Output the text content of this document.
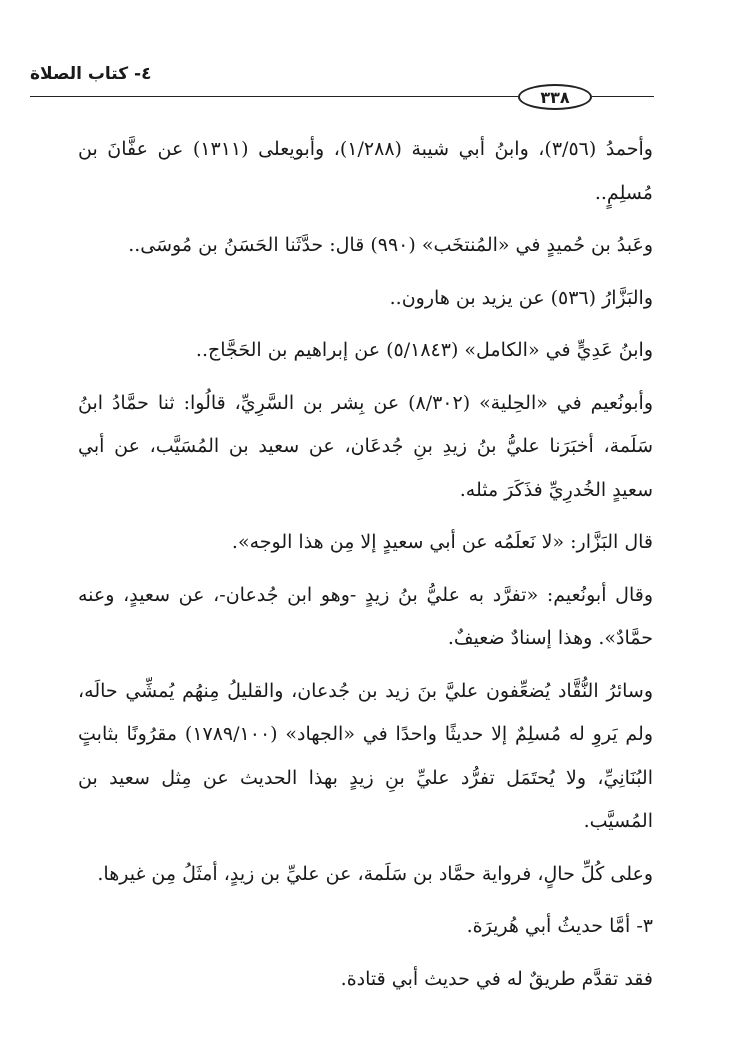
٤- كتاب الصلاة
٣٣٨

وأحمدُ (٣/٥٦)، وابنُ أبي شيبة (١/٢٨٨)، وأبويعلى (١٣١١) عن عفَّانَ بن مُسلِمٍ..

وعَبدُ بن حُميدٍ في «المُنتخَب» (٩٩٠) قال: حدَّثَنا الحَسَنُ بن مُوسَى..

والبَزَّارُ (٥٣٦) عن يزيد بن هارون..

وابنُ عَدِيٍّ في «الكامل» (٥/١٨٤٣) عن إبراهيم بن الحَجَّاج..

وأبونُعيم في «الحِلية» (٨/٣٠٢) عن بِشر بن السَّرِيِّ، قالُوا: ثنا حمَّادُ ابنُ سَلَمة، أخبَرَنا عليُّ بنُ زيدِ بنِ جُدعَان، عن سعيد بن المُسَيَّب، عن أبي سعيدٍ الخُدرِيِّ فذَكَرَ مثله.

قال البَزَّار: «لا نَعلَمُه عن أبي سعيدٍ إلا مِن هذا الوجه».

وقال أبونُعيم: «تفرَّد به عليُّ بنُ زيدٍ -وهو ابن جُدعان-، عن سعيدٍ، وعنه حمَّادٌ». وهذا إسنادٌ ضعيفٌ.

وسائرُ النُّقَّاد يُضعِّفون عليَّ بنَ زيد بن جُدعان، والقليلُ مِنهُم يُمشِّي حالَه، ولم يَروِ له مُسلِمٌ إلا حديثًا واحدًا في «الجهاد» (١٧٨٩/١٠٠) مقرُونًا بثابتٍ البُنَانِيِّ، ولا يُحتَمَل تفرُّد عليِّ بنِ زيدٍ بهذا الحديث عن مِثل سعيد بن المُسيَّب.

وعلى كُلِّ حالٍ، فرواية حمَّاد بن سَلَمة، عن عليِّ بن زيدٍ، أمثَلُ مِن غيرها.

٣- أمَّا حديثُ أبي هُريرَة.

فقد تقدَّم طريقٌ له في حديث أبي قتادة.
